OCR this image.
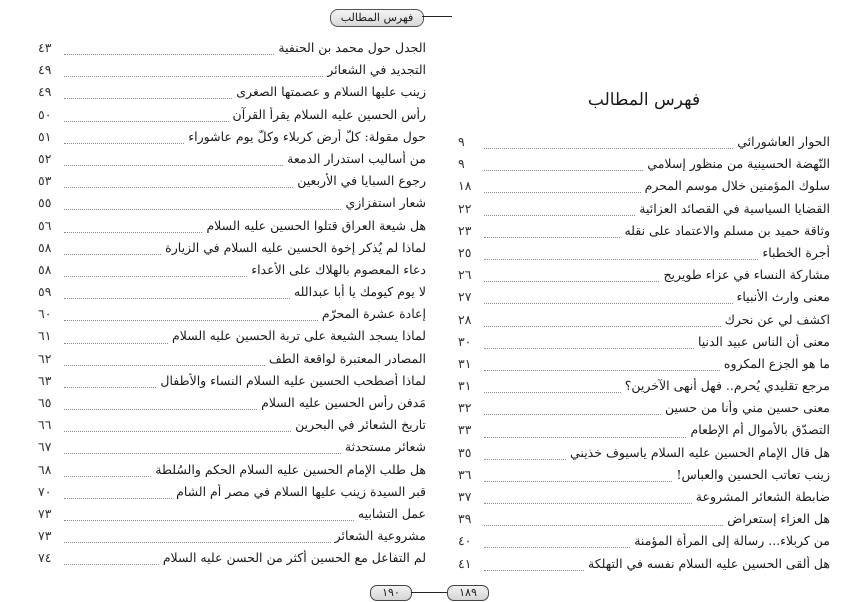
فهرس المطالب
الجدل حول محمد بن الحنفية
٤٣
التجديد في الشعائر
٤٩
زينب عليها السلام و عصمتها الصغرى
٤٩
رأس الحسين عليه السلام يقرأ القرآن
٥٠
حول مقولة: كلّ أرض كربلاء وكلّ يوم عاشوراء
٥١
من أساليب استدرار الدمعة
٥٢
رجوع السبايا في الأربعين
٥٣
شعار استفزازي
٥٥
هل شيعة العراق قتلوا الحسين عليه السلام
٥٦
لماذا لم يُذكر إخوة الحسين عليه السلام في الزيارة
٥٨
دعاء المعصوم بالهلاك على الأعداء
٥٨
لا يوم كيومك يا أبا عبدالله
٥٩
إعادة عشرة المحرّم
٦٠
لماذا يسجد الشيعة على تربة الحسين عليه السلام
٦١
المصادر المعتبرة لواقعة الطف
٦٢
لماذا أصطحب الحسين عليه السلام النساء والأطفال
٦٣
مَدفن رأس الحسين عليه السلام
٦٥
تاريخ الشعائر في البحرين
٦٦
شعائر مستحدثة
٦٧
هل طلب الإمام الحسين عليه السلام الحكم والسُلطة
٦٨
قبر السيدة زينب عليها السلام في مصر أم الشام
٧٠
عمل التشابيه
٧٣
مشروعية الشعائر
٧٣
لم التفاعل مع الحسين أكثر من الحسن عليه السلام
٧٤
فهرس المطالب
الحوار العاشورائي
٩
النّهضة الحسينية من منظور إسلامي
٩
سلوك المؤمنين خلال موسم المحرم
١٨
القضايا السياسية في القصائد العزائية
٢٢
وثاقة حميد بن مسلم والاعتماد على نقله
٢٣
أجرة الخطباء
٢٥
مشاركة النساء في عزاء طويريج
٢٦
معنى وارث الأنبياء
٢٧
اكشف لي عن نحرك
٢٨
معنى أن الناس عبيد الدنيا
٣٠
ما هو الجزع المكروه
٣١
مرجع تقليدي يُحرم.. فهل أنهى الآخرين؟
٣١
معنى حسين مني وأنا من حسين
٣٢
التصدّق بالأموال أم الإطعام
٣٣
هل قال الإمام الحسين عليه السلام ياسيوف خذيني
٣٥
زينب تعاتب الحسين والعباس!
٣٦
ضابطة الشعائر المشروعة
٣٧
هل العزاء إستعراض
٣٩
من كربلاء... رسالة إلى المرأة المؤمنة
٤٠
هل ألقى الحسين عليه السلام نفسه في التهلكة
٤١
١٩٠	١٨٩
